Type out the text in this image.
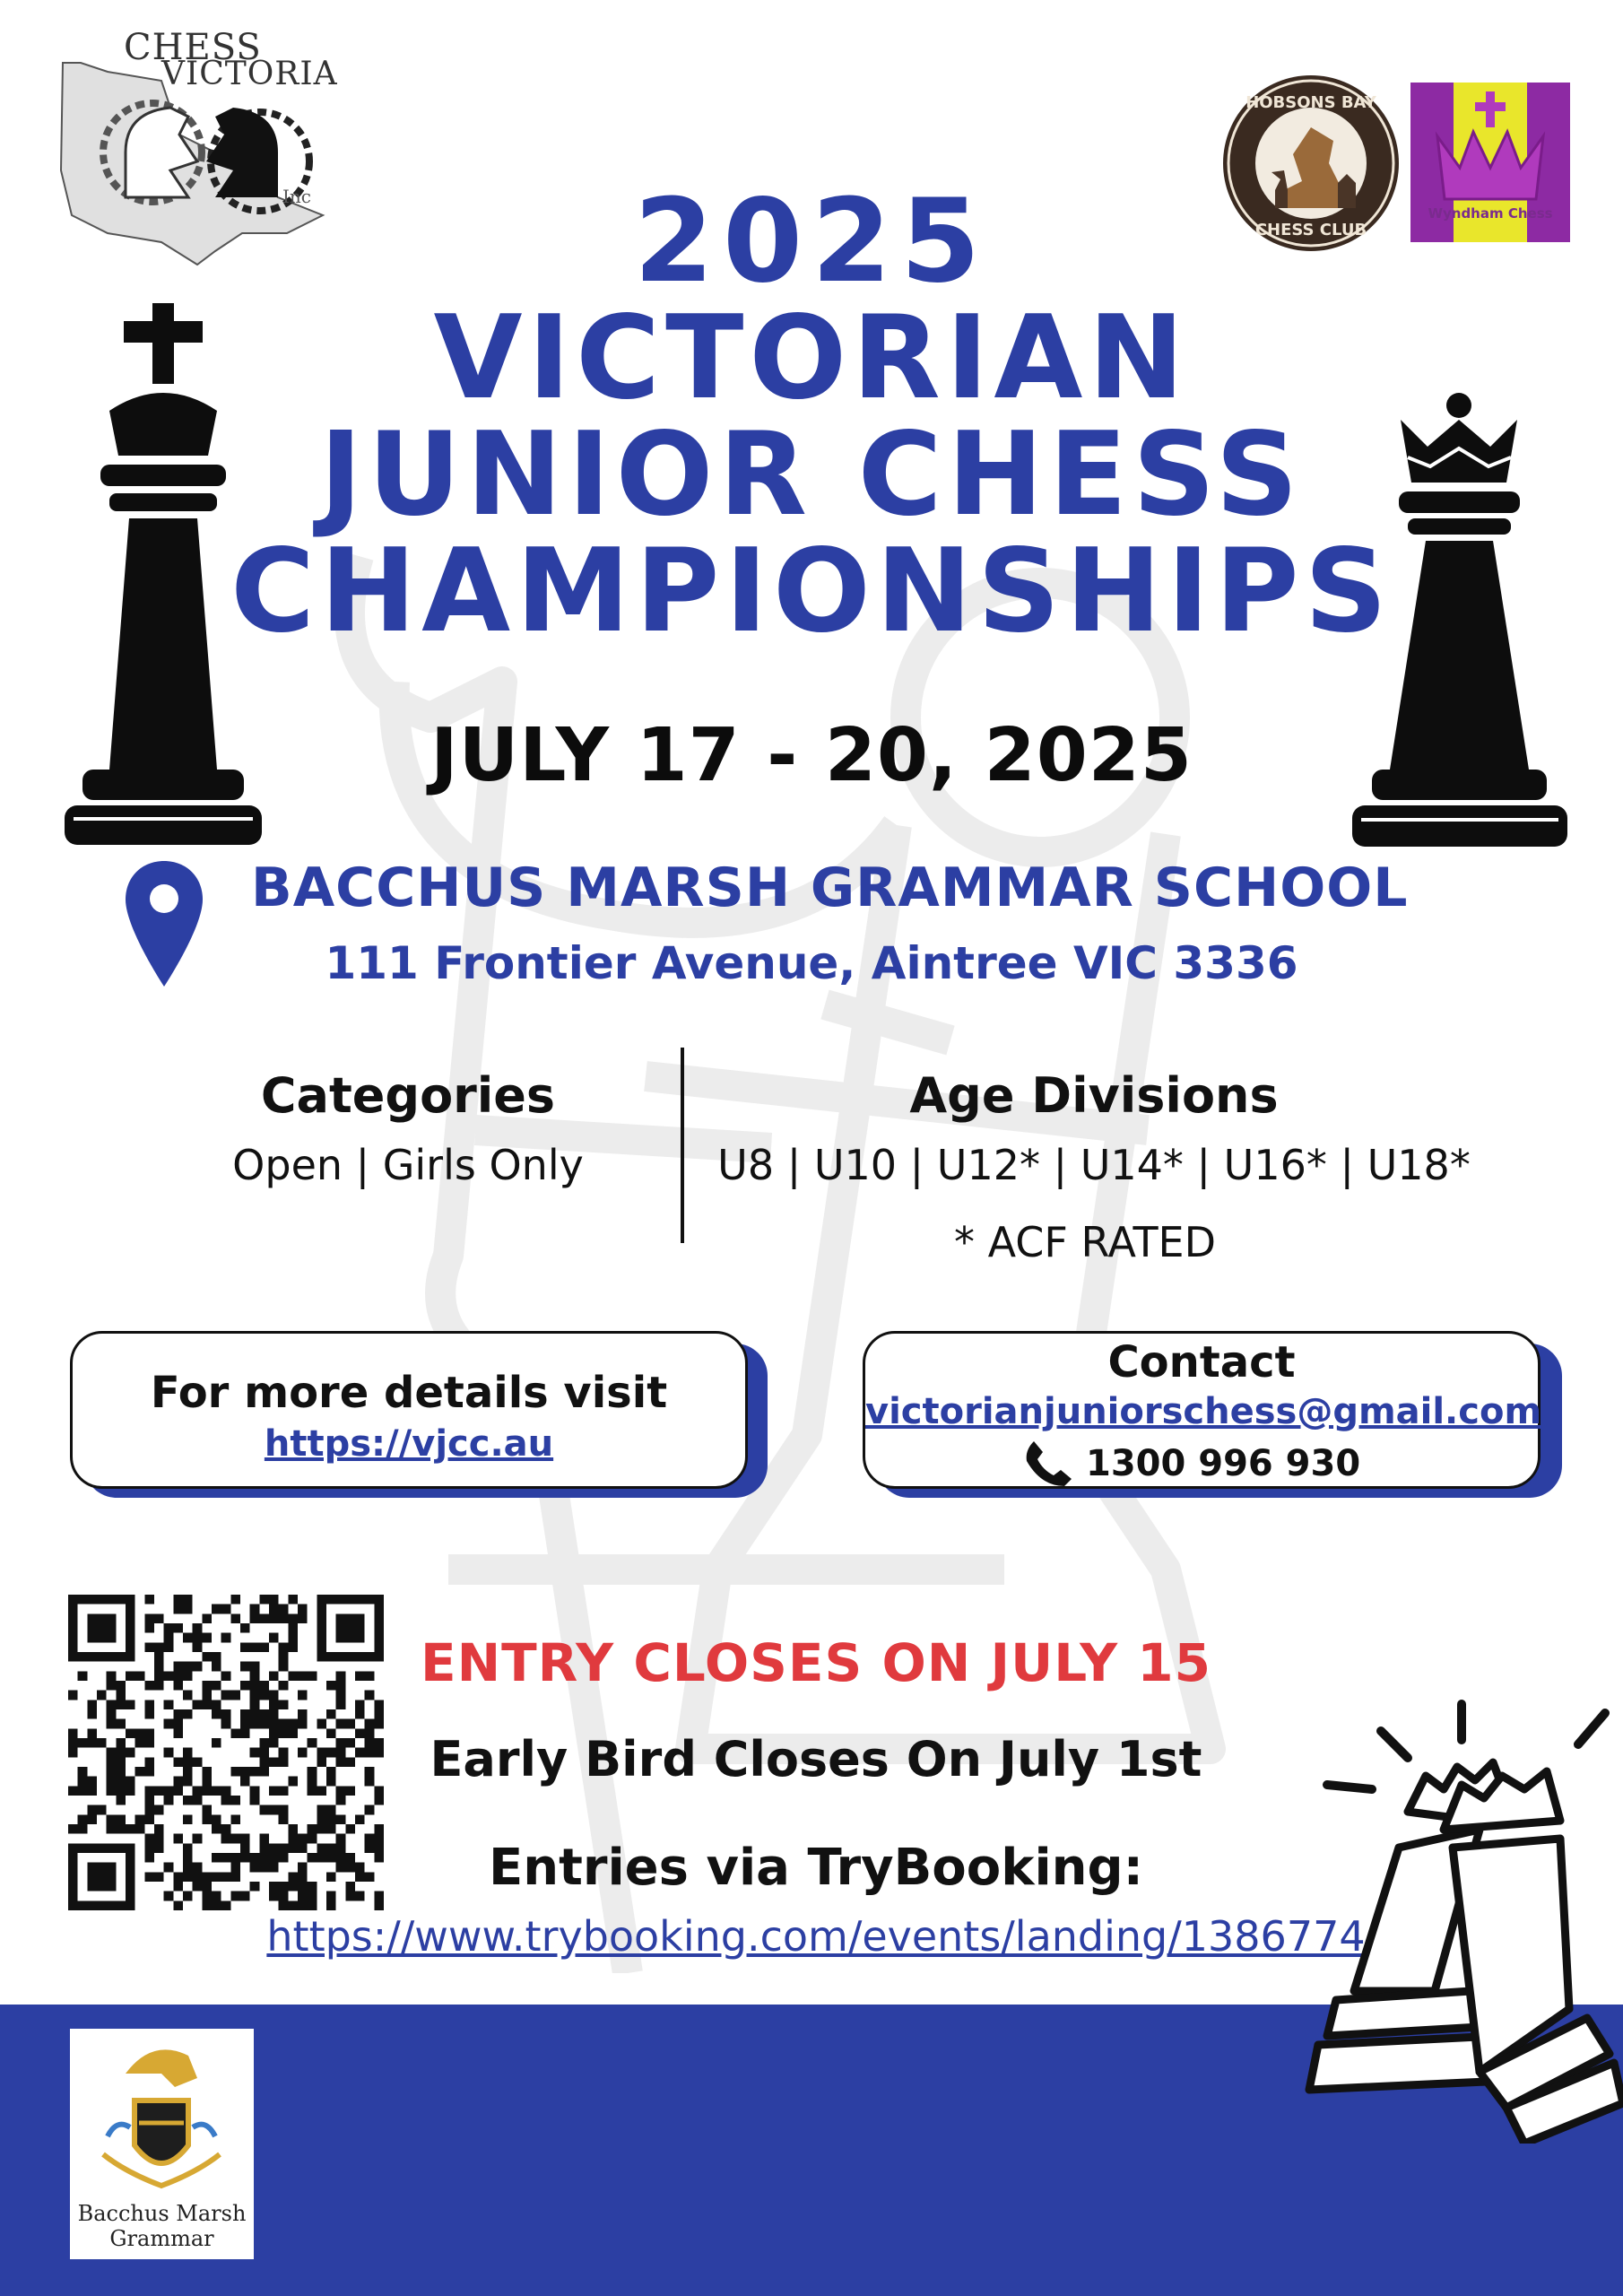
Inc
CHESS
VICTORIA
HOBSONS BAY
CHESS CLUB
Wyndham Chess
2025
VICTORIAN
JUNIOR CHESS
CHAMPIONSHIPS
JULY 17 - 20, 2025
BACCHUS MARSH GRAMMAR SCHOOL
111 Frontier Avenue, Aintree VIC 3336
Categories
Open | Girls Only
Age Divisions
U8 | U10 | U12* | U14* | U16* | U18*
* ACF RATED
For more details visit
https://vjcc.au
Contact
victorianjuniorschess@gmail.com
1300 996 930
ENTRY CLOSES ON JULY 15
Early Bird Closes On July 1st
Entries via TryBooking:
https://www.trybooking.com/events/landing/1386774
Bacchus Marsh
Grammar
